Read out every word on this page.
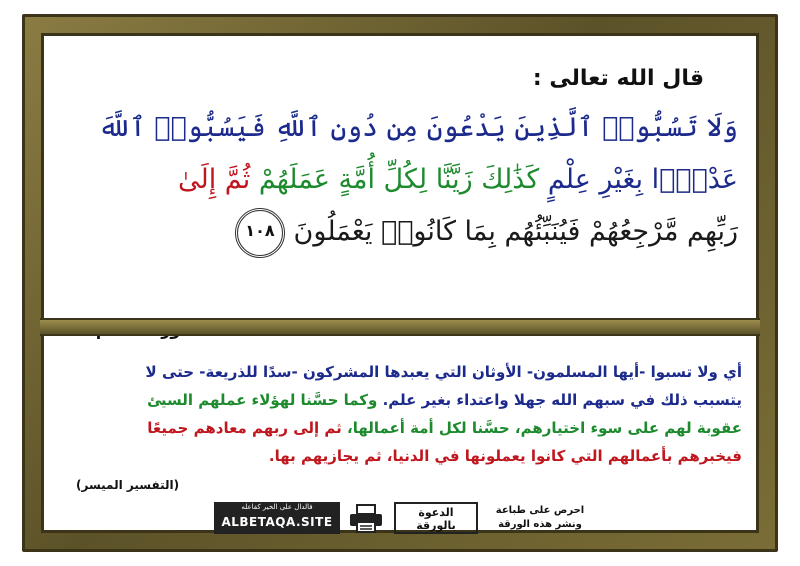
قال الله تعالى :
وَلَا تَسُبُّوا۟ ٱلَّذِينَ يَدْعُونَ مِن دُونِ ٱللَّهِ فَيَسُبُّوا۟ ٱللَّهَ
عَدْوًۢا بِغَيْرِ عِلْمٍ كَذَٰلِكَ زَيَّنَّا لِكُلِّ أُمَّةٍ عَمَلَهُمْ ثُمَّ إِلَىٰ
رَبِّهِم مَّرْجِعُهُمْ فَيُنَبِّئُهُم بِمَا كَانُوا۟ يَعْمَلُونَ ١٠٨
أي ولا تسبوا -أيها المسلمون- الأوثان التي يعبدها المشركون -سدًا للذريعة- حتى لا
يتسبب ذلك في سبهم الله جهلا واعتداء بغير علم. وكما حسَّنا لهؤلاء عملهم السيئ
عقوبة لهم على سوء اختيارهم، حسَّنا لكل أمة أعمالها، ثم إلى ربهم معادهم جميعًا
فيخبرهم بأعمالهم التي كانوا يعملونها في الدنيا، ثم يجازيهم بها.
(التفسير الميسر)
فالدال على الخير كفاعله
ALBETAQA.SITE
الدعوة
بالورقة
احرص على طباعة
ونشر هذه الورقة
